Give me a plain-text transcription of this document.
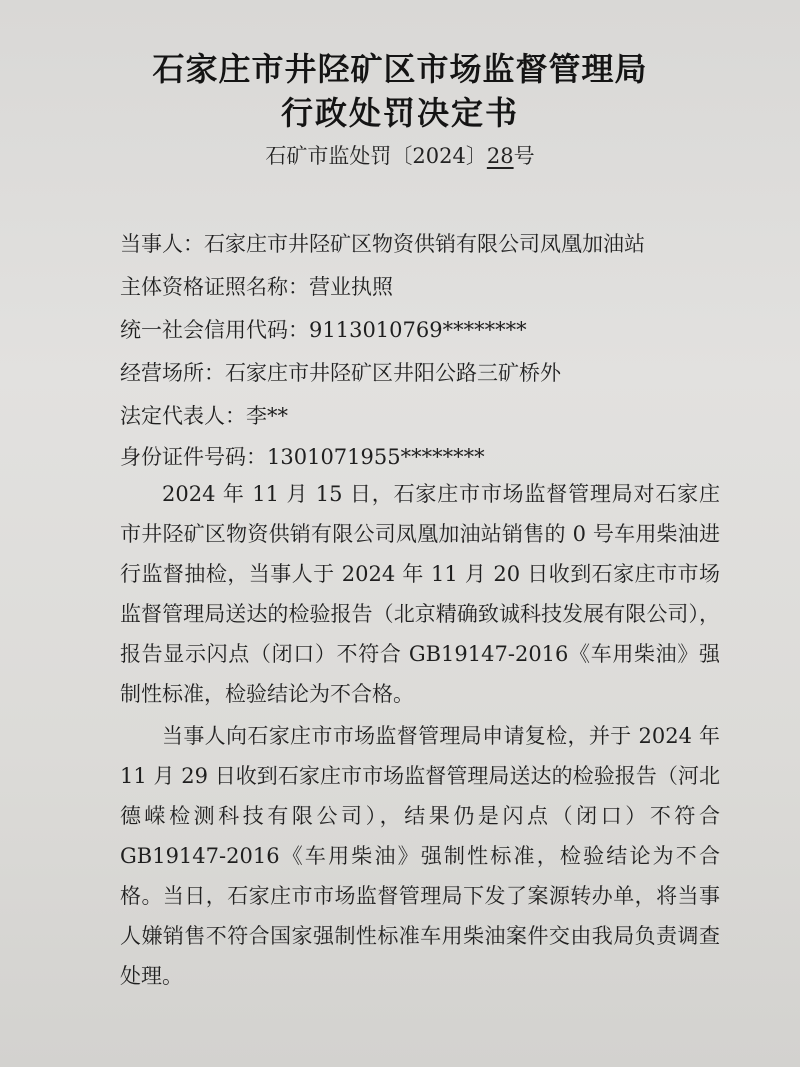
石家庄市井陉矿区市场监督管理局
行政处罚决定书
石矿市监处罚〔2024〕28号
当事人：石家庄市井陉矿区物资供销有限公司凤凰加油站
主体资格证照名称：营业执照
统一社会信用代码：9113010769********
经营场所：石家庄市井陉矿区井阳公路三矿桥外
法定代表人：李**
身份证件号码：1301071955********
2024 年 11 月 15 日，石家庄市市场监督管理局对石家庄市井陉矿区物资供销有限公司凤凰加油站销售的 0 号车用柴油进行监督抽检，当事人于 2024 年 11 月 20 日收到石家庄市市场监督管理局送达的检验报告（北京精确致诚科技发展有限公司），报告显示闪点（闭口）不符合 GB19147-2016《车用柴油》强制性标准，检验结论为不合格。
当事人向石家庄市市场监督管理局申请复检，并于 2024 年 11 月 29 日收到石家庄市市场监督管理局送达的检验报告（河北德嵘检测科技有限公司），结果仍是闪点（闭口）不符合 GB19147-2016《车用柴油》强制性标准，检验结论为不合格。当日，石家庄市市场监督管理局下发了案源转办单，将当事人嫌销售不符合国家强制性标准车用柴油案件交由我局负责调查处理。
